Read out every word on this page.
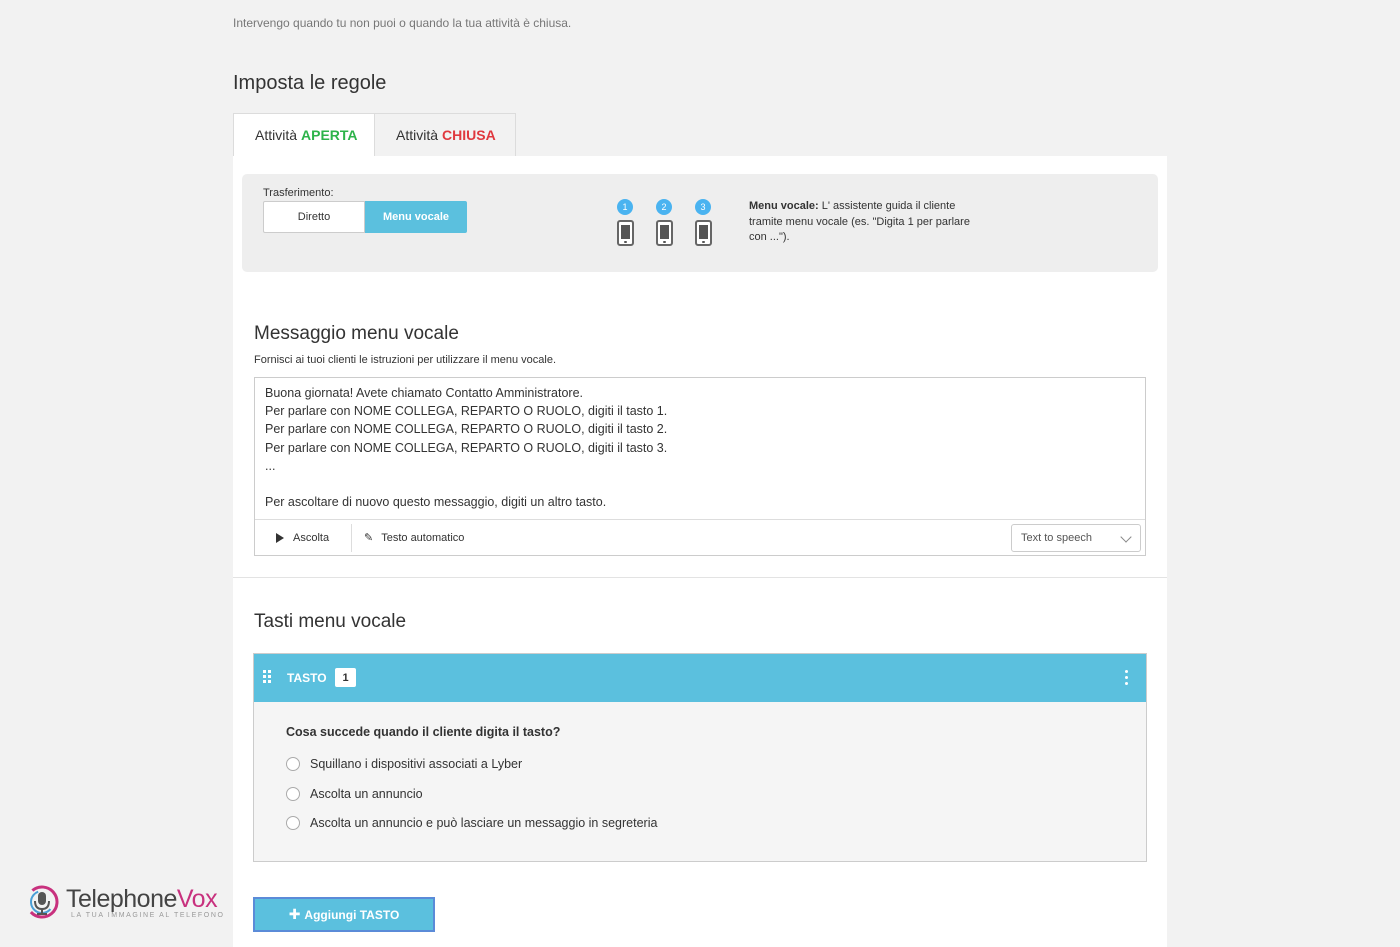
Intervengo quando tu non puoi o quando la tua attività è chiusa.
Imposta le regole
Attività APERTA	Attività CHIUSA
Trasferimento:
Diretto	Menu vocale
1	2	3	Menu vocale: L' assistente guida il cliente tramite menu vocale (es. "Digita 1 per parlare con ...").
Messaggio menu vocale
Fornisci ai tuoi clienti le istruzioni per utilizzare il menu vocale.
Buona giornata! Avete chiamato Contatto Amministratore.
Per parlare con NOME COLLEGA, REPARTO O RUOLO, digiti il tasto 1.
Per parlare con NOME COLLEGA, REPARTO O RUOLO, digiti il tasto 2.
Per parlare con NOME COLLEGA, REPARTO O RUOLO, digiti il tasto 3.
...

Per ascoltare di nuovo questo messaggio, digiti un altro tasto.
Ascolta	✎ Testo automatico	Text to speech
Tasti menu vocale
TASTO	1
Cosa succede quando il cliente digita il tasto?
Squillano i dispositivi associati a Lyber
Ascolta un annuncio
Ascolta un annuncio e può lasciare un messaggio in segreteria
✚ Aggiungi TASTO
TelephoneVox
LA TUA IMMAGINE AL TELEFONO
